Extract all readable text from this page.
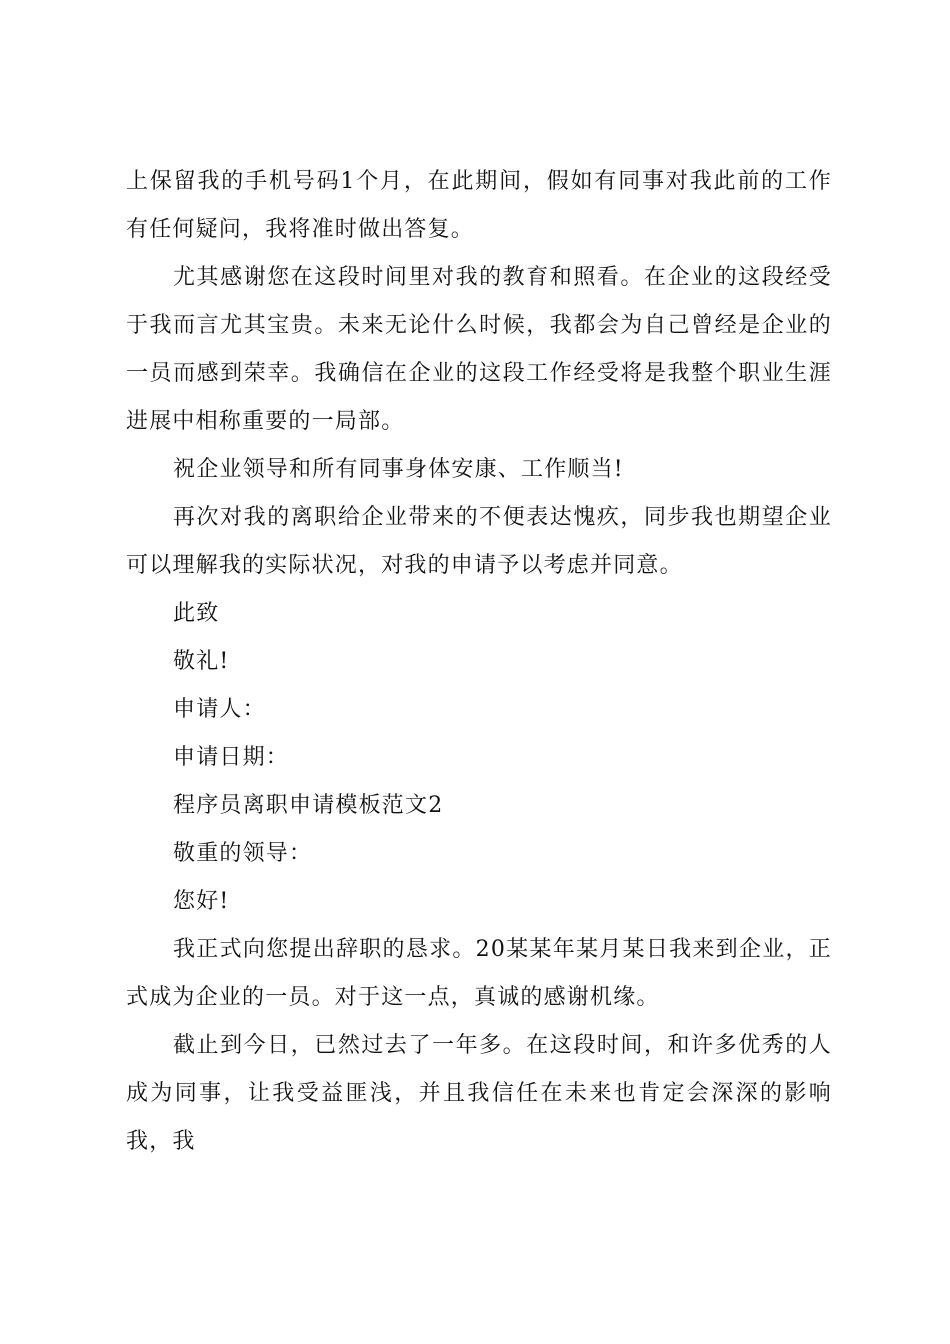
上保留我的手机号码1个月，在此期间，假如有同事对我此前的工作有任何疑问，我将准时做出答复。

尤其感谢您在这段时间里对我的教育和照看。在企业的这段经受于我而言尤其宝贵。未来无论什么时候，我都会为自己曾经是企业的一员而感到荣幸。我确信在企业的这段工作经受将是我整个职业生涯进展中相称重要的一局部。

祝企业领导和所有同事身体安康、工作顺当!

再次对我的离职给企业带来的不便表达愧疚，同步我也期望企业可以理解我的实际状况，对我的申请予以考虑并同意。

此致

敬礼!

申请人：

申请日期：

程序员离职申请模板范文2

敬重的领导：

您好!

我正式向您提出辞职的恳求。20某某年某月某日我来到企业，正式成为企业的一员。对于这一点，真诚的感谢机缘。

截止到今日，已然过去了一年多。在这段时间，和许多优秀的人成为同事，让我受益匪浅，并且我信任在未来也肯定会深深的影响我，我
